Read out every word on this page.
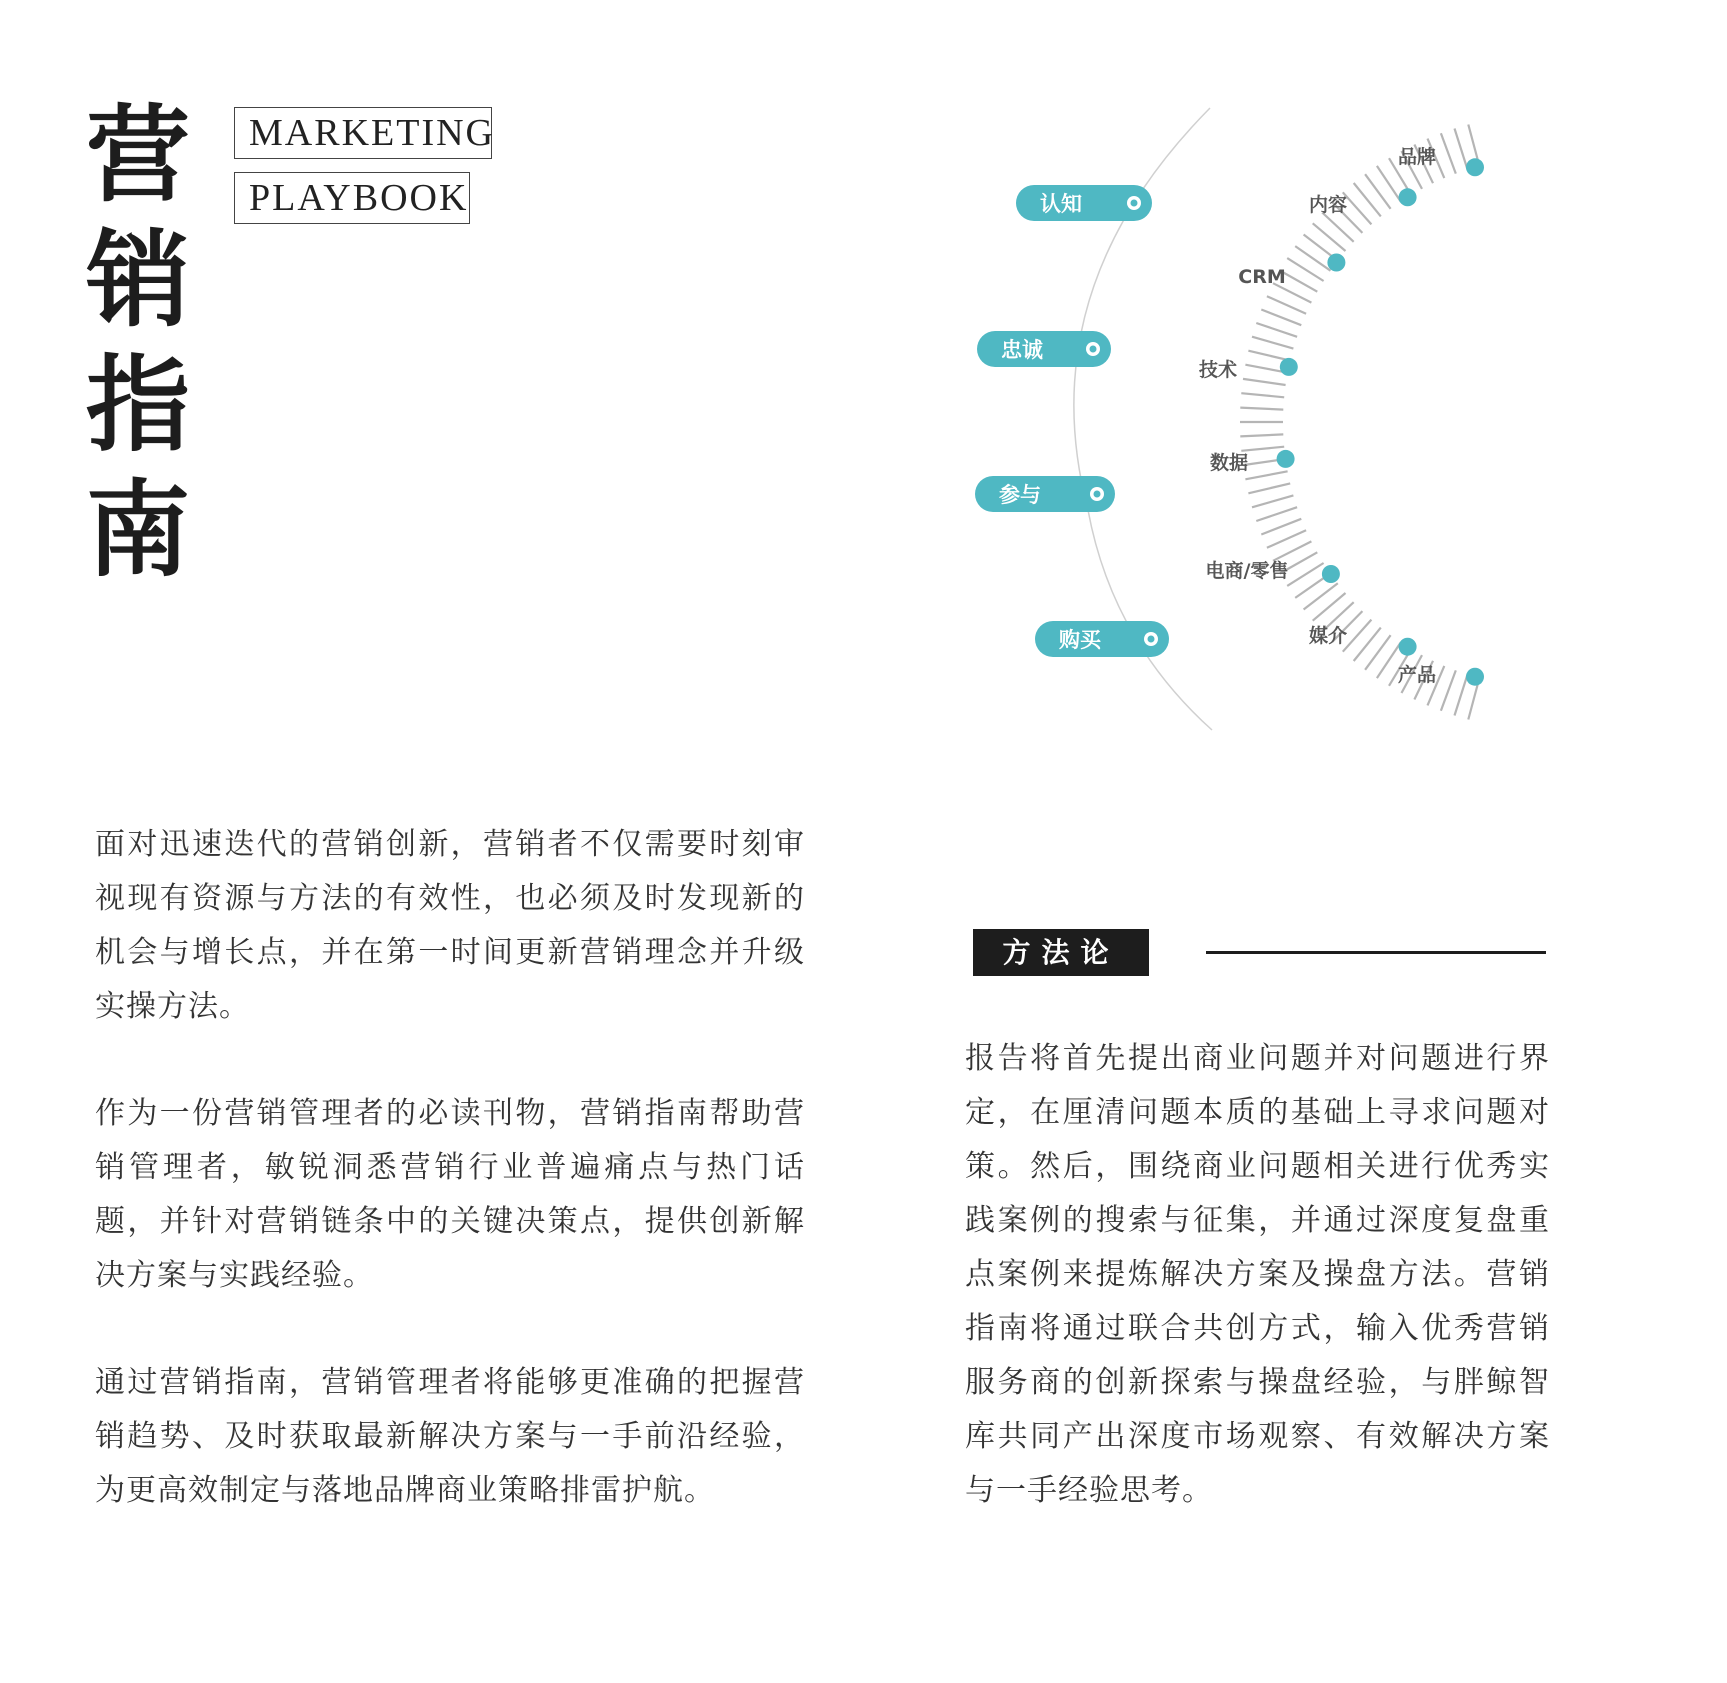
营
销
指
南
MARKETING
PLAYBOOK
品牌
内容
CRM
技术
数据
电商/零售
媒介
产品
认知
忠诚
参与
购买

面对迅速迭代的营销创新，营销者不仅需要时刻审视现有资源与方法的有效性，也必须及时发现新的机会与增长点，并在第一时间更新营销理念并升级实操方法。

作为一份营销管理者的必读刊物，营销指南帮助营销管理者，敏锐洞悉营销行业普遍痛点与热门话题，并针对营销链条中的关键决策点，提供创新解决方案与实践经验。

通过营销指南，营销管理者将能够更准确的把握营销趋势、及时获取最新解决方案与一手前沿经验，为更高效制定与落地品牌商业策略排雷护航。

方法论

报告将首先提出商业问题并对问题进行界定，在厘清问题本质的基础上寻求问题对策。然后，围绕商业问题相关进行优秀实践案例的搜索与征集，并通过深度复盘重点案例来提炼解决方案及操盘方法。营销指南将通过联合共创方式，输入优秀营销服务商的创新探索与操盘经验，与胖鲸智库共同产出深度市场观察、有效解决方案与一手经验思考。
